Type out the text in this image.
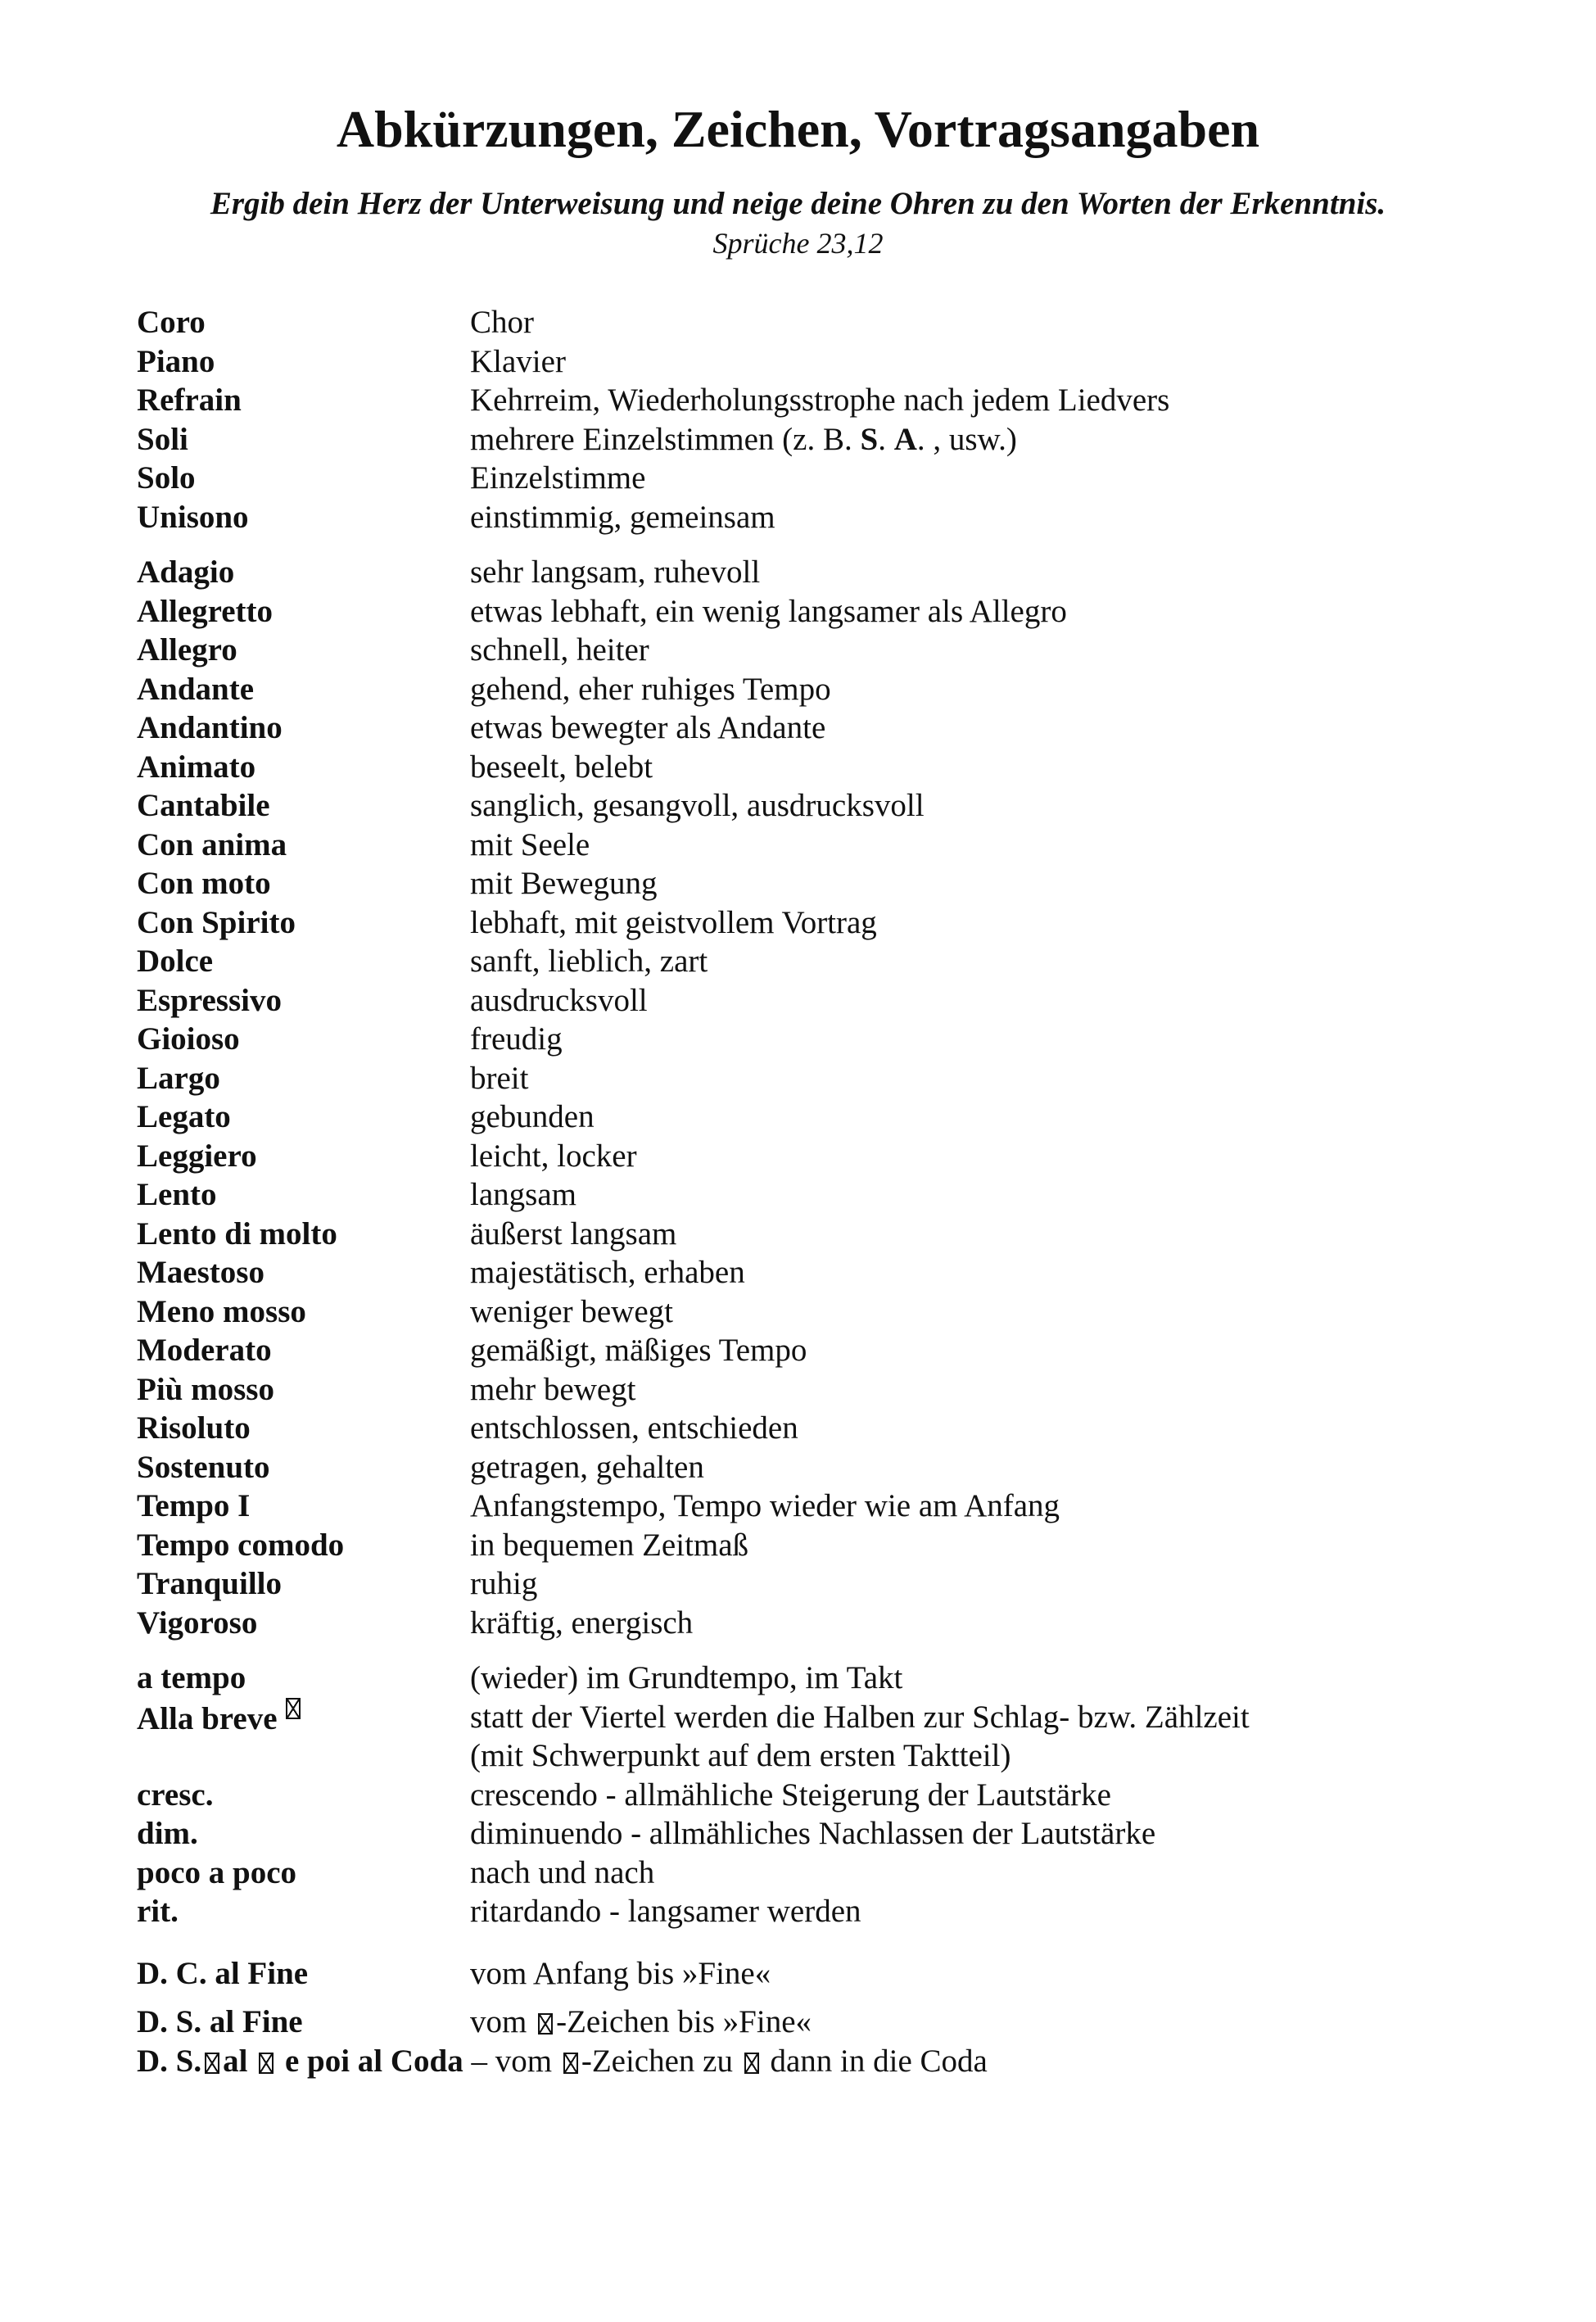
Abkürzungen, Zeichen, Vortragsangaben
Ergib dein Herz der Unterweisung und neige deine Ohren zu den Worten der Erkenntnis.
Sprüche 23,12
Coro	Chor
Piano	Klavier
Refrain	Kehrreim, Wiederholungsstrophe nach jedem Liedvers
Soli	mehrere Einzelstimmen (z. B. S. A. , usw.)
Solo	Einzelstimme
Unisono	einstimmig, gemeinsam
Adagio	sehr langsam, ruhevoll
Allegretto	etwas lebhaft, ein wenig langsamer als Allegro
Allegro	schnell, heiter
Andante	gehend, eher ruhiges Tempo
Andantino	etwas bewegter als Andante
Animato	beseelt, belebt
Cantabile	sanglich, gesangvoll, ausdrucksvoll
Con anima	mit Seele
Con moto	mit Bewegung
Con Spirito	lebhaft, mit geistvollem Vortrag
Dolce	sanft, lieblich, zart
Espressivo	ausdrucksvoll
Gioioso	freudig
Largo	breit
Legato	gebunden
Leggiero	leicht, locker
Lento	langsam
Lento di molto	äußerst langsam
Maestoso	majestätisch, erhaben
Meno mosso	weniger bewegt
Moderato	gemäßigt, mäßiges Tempo
Più mosso	mehr bewegt
Risoluto	entschlossen, entschieden
Sostenuto	getragen, gehalten
Tempo I	Anfangstempo, Tempo wieder wie am Anfang
Tempo comodo	in bequemen Zeitmaß
Tranquillo	ruhig
Vigoroso	kräftig, energisch
a tempo	(wieder) im Grundtempo, im Takt
Alla breve	statt der Viertel werden die Halben zur Schlag- bzw. Zählzeit
(mit Schwerpunkt auf dem ersten Taktteil)
cresc.	crescendo - allmähliche Steigerung der Lautstärke
dim.	diminuendo - allmähliches Nachlassen der Lautstärke
poco a poco	nach und nach
rit.	ritardando - langsamer werden
D. C. al Fine	vom Anfang bis »Fine«
D. S. al Fine	vom -Zeichen bis »Fine«
D. S. al e poi al Coda – vom -Zeichen zu  dann in die Coda
